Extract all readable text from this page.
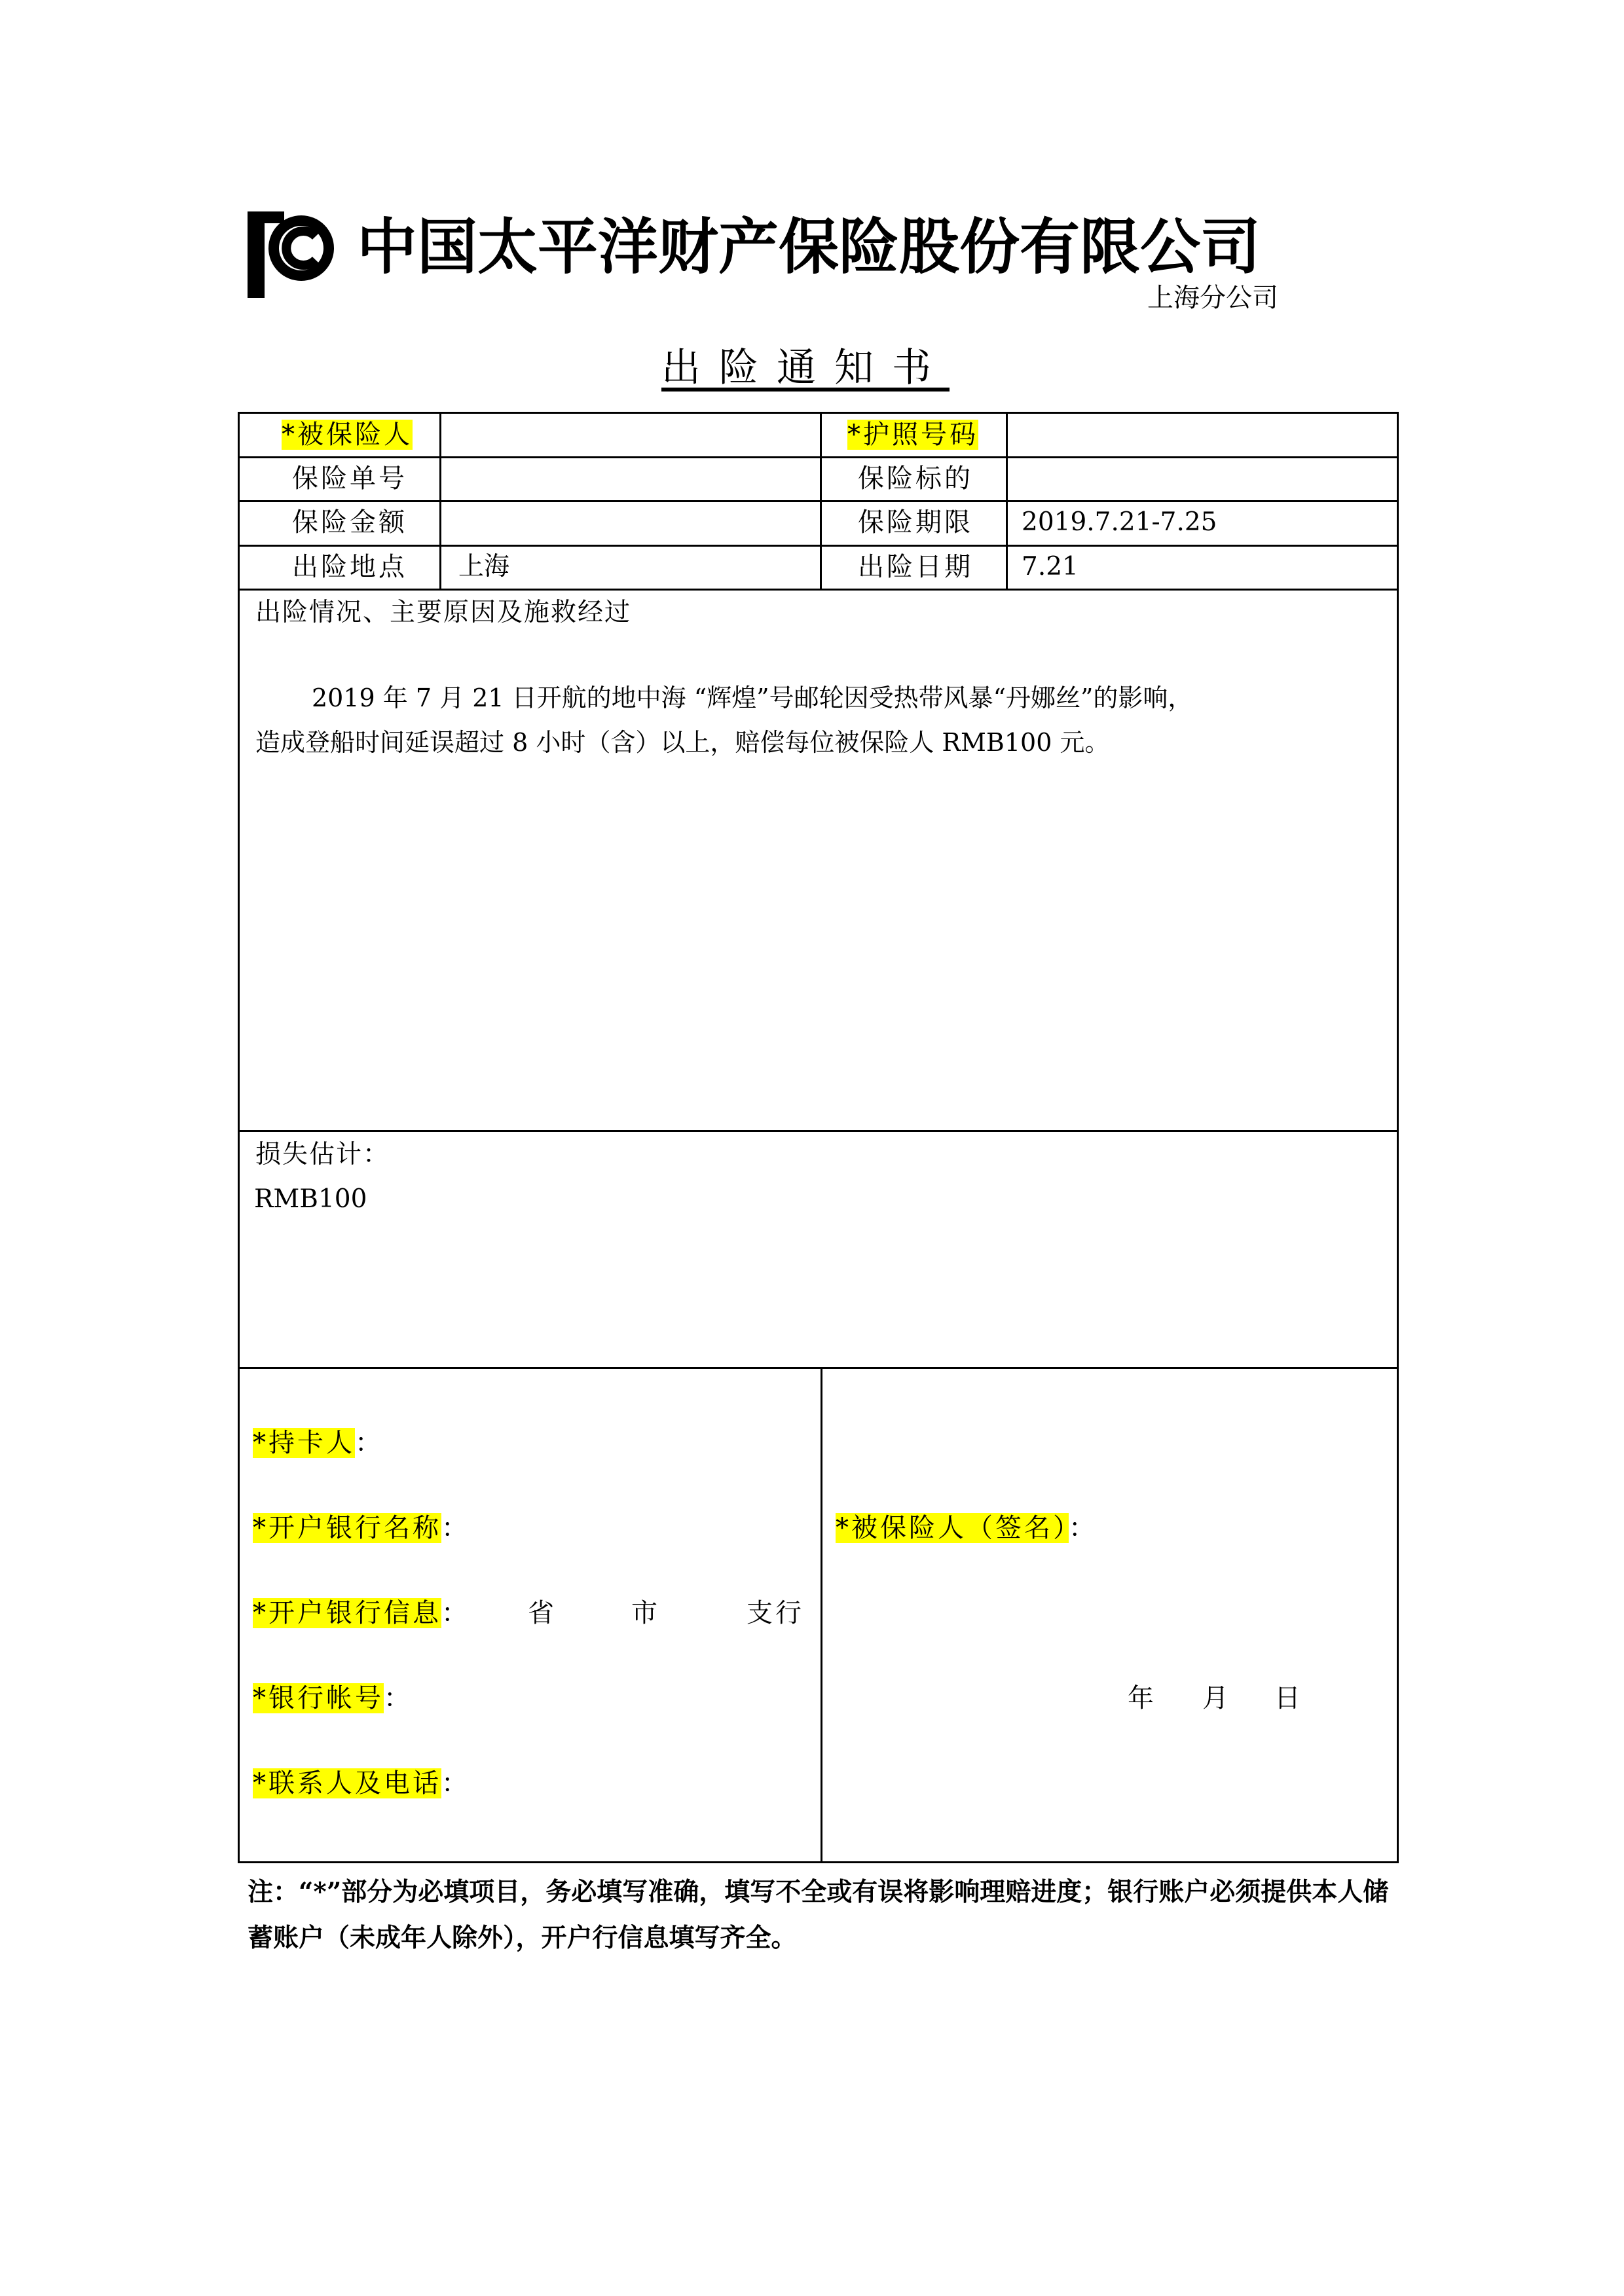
中国太平洋财产保险股份有限公司
上海分公司
出险通知书
*被保险人	*护照号码
保险单号	保险标的
保险金额	保险期限 2019.7.21-7.25
出险地点 上海	出险日期 7.21
出险情况、主要原因及施救经过
2019 年 7 月 21 日开航的地中海 “辉煌”号邮轮因受热带风暴“丹娜丝”的影响，
造成登船时间延误超过 8 小时（含）以上，赔偿每位被保险人 RMB100 元。
损失估计：
RMB100
*持卡人：
*开户银行名称：
*开户银行信息： 省	市	支行
*银行帐号：
*联系人及电话：
*被保险人（签名）：
年 月 日
注：“*”部分为必填项目，务必填写准确，填写不全或有误将影响理赔进度；银行账户必须提供本人储蓄账户（未成年人除外），开户行信息填写齐全。
